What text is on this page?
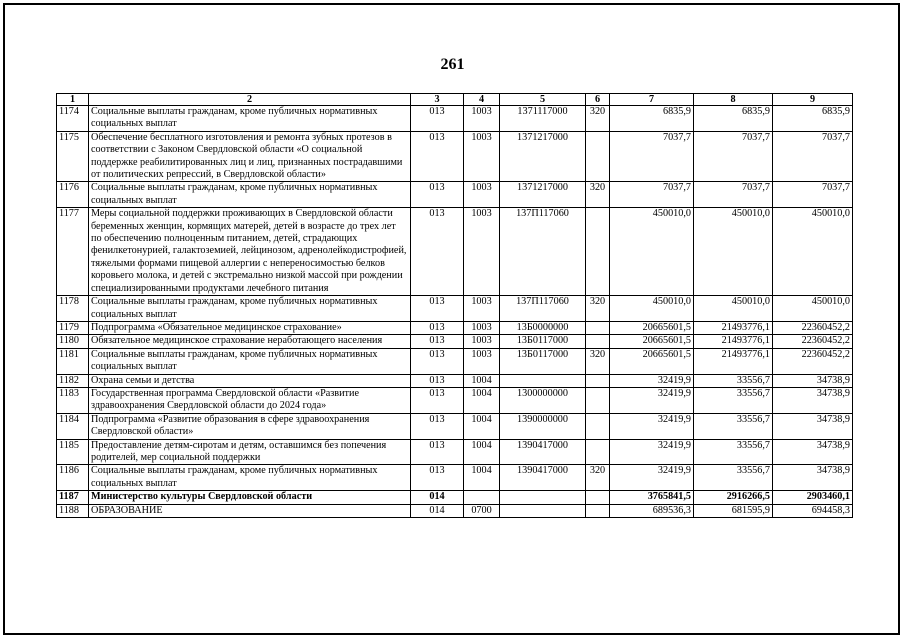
261
1	2	3	4	5	6	7	8	9
1174	Социальные выплаты гражданам, кроме публичных нормативных социальных выплат	013	1003	1371117000	320	6835,9	6835,9	6835,9
1175	Обеспечение бесплатного изготовления и ремонта зубных протезов в соответствии с Законом Свердловской области «О социальной поддержке реабилитированных лиц и лиц, признанных пострадавшими от политических репрессий, в Свердловской области»	013	1003	1371217000		7037,7	7037,7	7037,7
1176	Социальные выплаты гражданам, кроме публичных нормативных социальных выплат	013	1003	1371217000	320	7037,7	7037,7	7037,7
1177	Меры социальной поддержки проживающих в Свердловской области беременных женщин, кормящих матерей, детей в возрасте до трех лет по обеспечению полноценным питанием, детей, страдающих фенилкетонурией, галактоземией, лейцинозом, адренолейкодистрофией, тяжелыми формами пищевой аллергии с непереносимостью белков коровьего молока, и детей с экстремально низкой массой при рождении специализированными продуктами лечебного питания	013	1003	137П117060		450010,0	450010,0	450010,0
1178	Социальные выплаты гражданам, кроме публичных нормативных социальных выплат	013	1003	137П117060	320	450010,0	450010,0	450010,0
1179	Подпрограмма «Обязательное медицинское страхование»	013	1003	13Б0000000		20665601,5	21493776,1	22360452,2
1180	Обязательное медицинское страхование неработающего населения	013	1003	13Б0117000		20665601,5	21493776,1	22360452,2
1181	Социальные выплаты гражданам, кроме публичных нормативных социальных выплат	013	1003	13Б0117000	320	20665601,5	21493776,1	22360452,2
1182	Охрана семьи и детства	013	1004			32419,9	33556,7	34738,9
1183	Государственная программа Свердловской области «Развитие здравоохранения Свердловской области до 2024 года»	013	1004	1300000000		32419,9	33556,7	34738,9
1184	Подпрограмма «Развитие образования в сфере здравоохранения Свердловской области»	013	1004	1390000000		32419,9	33556,7	34738,9
1185	Предоставление детям-сиротам и детям, оставшимся без попечения родителей, мер социальной поддержки	013	1004	1390417000		32419,9	33556,7	34738,9
1186	Социальные выплаты гражданам, кроме публичных нормативных социальных выплат	013	1004	1390417000	320	32419,9	33556,7	34738,9
1187	Министерство культуры Свердловской области	014				3765841,5	2916266,5	2903460,1
1188	ОБРАЗОВАНИЕ	014	0700			689536,3	681595,9	694458,3
